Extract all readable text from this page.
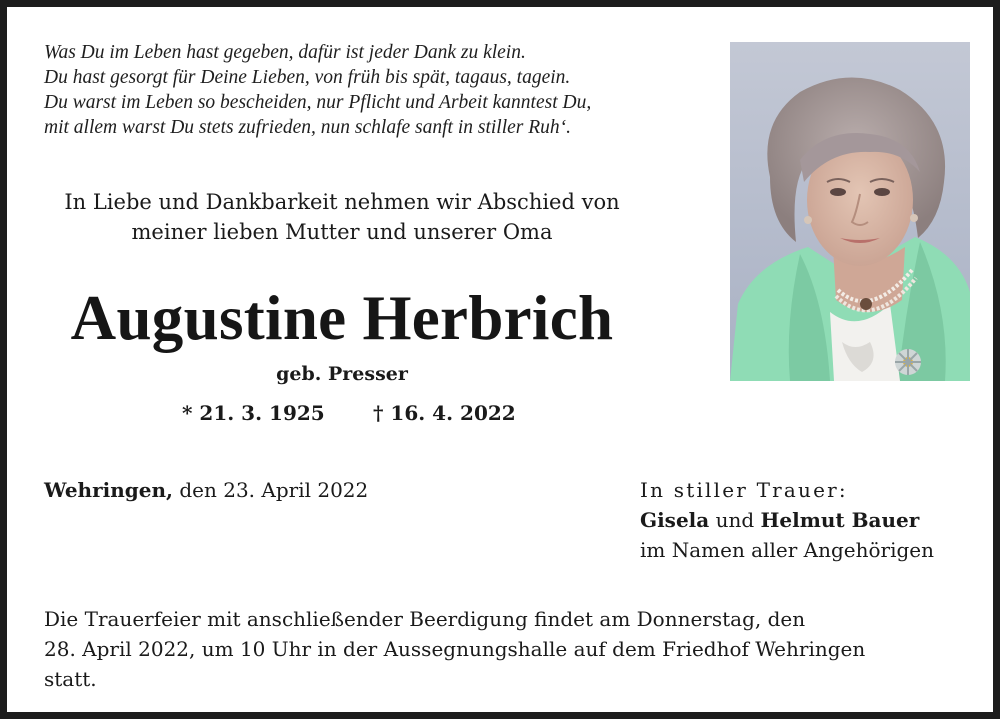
Was Du im Leben hast gegeben, dafür ist jeder Dank zu klein.
Du hast gesorgt für Deine Lieben, von früh bis spät, tagaus, tagein.
Du warst im Leben so bescheiden, nur Pflicht und Arbeit kanntest Du,
mit allem warst Du stets zufrieden, nun schlafe sanft in stiller Ruh‘.
In Liebe und Dankbarkeit nehmen wir Abschied von
meiner lieben Mutter und unserer Oma
Augustine Herbrich
geb. Presser
* 21. 3. 1925 † 16. 4. 2022
Wehringen, den 23. April 2022	In stiller Trauer:
Gisela und Helmut Bauer
im Namen aller Angehörigen
Die Trauerfeier mit anschließender Beerdigung findet am Donnerstag, den
28. April 2022, um 10 Uhr in der Aussegnungshalle auf dem Friedhof Wehringen
statt.
